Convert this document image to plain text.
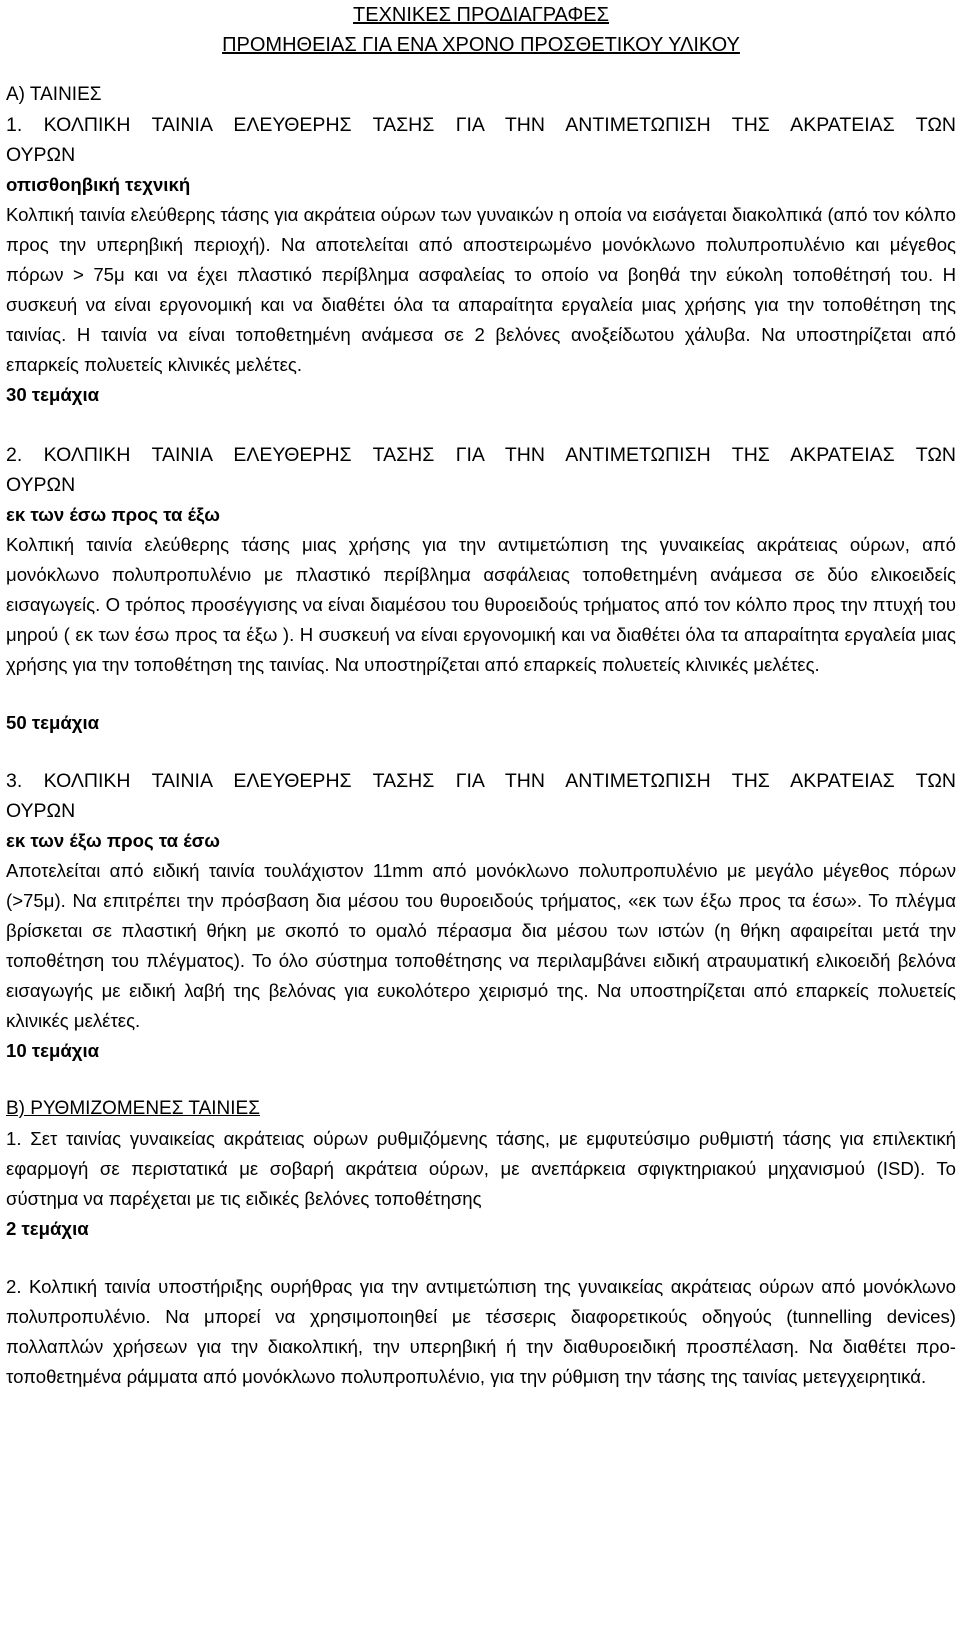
ΤΕΧΝΙΚΕΣ ΠΡΟΔΙΑΓΡΑΦΕΣ
ΠΡΟΜΗΘΕΙΑΣ ΓΙΑ ΕΝΑ ΧΡΟΝΟ ΠΡΟΣΘΕΤΙΚΟΥ ΥΛΙΚΟΥ
Α) ΤΑΙΝΙΕΣ
1. ΚΟΛΠΙΚΗ ΤΑΙΝΙΑ ΕΛΕΥΘΕΡΗΣ ΤΑΣΗΣ ΓΙΑ ΤΗΝ ΑΝΤΙΜΕΤΩΠΙΣΗ ΤΗΣ ΑΚΡΑΤΕΙΑΣ ΤΩΝ
ΟΥΡΩΝ
οπισθοηβική τεχνική

Κολπική ταινία ελεύθερης τάσης για ακράτεια ούρων των γυναικών η οποία να εισάγεται διακολπικά (από τον κόλπο προς την υπερηβική περιοχή). Να αποτελείται από αποστειρωμένο μονόκλωνο πολυπροπυλένιο και μέγεθος πόρων > 75μ και να έχει πλαστικό περίβλημα ασφαλείας το οποίο να βοηθά την εύκολη τοποθέτησή του. Η συσκευή να είναι εργονομική και να διαθέτει όλα τα απαραίτητα εργαλεία μιας χρήσης για την τοποθέτηση της ταινίας. Η ταινία να είναι τοποθετημένη ανάμεσα σε 2 βελόνες ανοξείδωτου χάλυβα. Να υποστηρίζεται από επαρκείς πολυετείς κλινικές μελέτες.

30 τεμάχια
2. ΚΟΛΠΙΚΗ ΤΑΙΝΙΑ ΕΛΕΥΘΕΡΗΣ ΤΑΣΗΣ ΓΙΑ ΤΗΝ ΑΝΤΙΜΕΤΩΠΙΣΗ ΤΗΣ ΑΚΡΑΤΕΙΑΣ ΤΩΝ
ΟΥΡΩΝ
εκ των έσω προς τα έξω

Κολπική ταινία ελεύθερης τάσης μιας χρήσης για την αντιμετώπιση της γυναικείας ακράτειας ούρων, από μονόκλωνο πολυπροπυλένιο με πλαστικό περίβλημα ασφάλειας τοποθετημένη ανάμεσα σε δύο ελικοειδείς εισαγωγείς. Ο τρόπος προσέγγισης να είναι διαμέσου του θυροειδούς τρήματος από τον κόλπο προς την πτυχή του μηρού ( εκ των έσω προς τα έξω ). Η συσκευή να είναι εργονομική και να διαθέτει όλα τα απαραίτητα εργαλεία μιας χρήσης για την τοποθέτηση της ταινίας. Να υποστηρίζεται από επαρκείς πολυετείς κλινικές μελέτες.

50 τεμάχια
3. ΚΟΛΠΙΚΗ ΤΑΙΝΙΑ ΕΛΕΥΘΕΡΗΣ ΤΑΣΗΣ ΓΙΑ ΤΗΝ ΑΝΤΙΜΕΤΩΠΙΣΗ ΤΗΣ ΑΚΡΑΤΕΙΑΣ ΤΩΝ
ΟΥΡΩΝ
εκ των έξω προς τα έσω

Αποτελείται από ειδική ταινία τουλάχιστον 11mm από μονόκλωνο πολυπροπυλένιο με μεγάλο μέγεθος πόρων (>75μ). Να επιτρέπει την πρόσβαση δια μέσου του θυροειδούς τρήματος, «εκ των έξω προς τα έσω». Το πλέγμα βρίσκεται σε πλαστική θήκη με σκοπό το ομαλό πέρασμα δια μέσου των ιστών (η θήκη αφαιρείται μετά την τοποθέτηση του πλέγματος). Το όλο σύστημα τοποθέτησης να περιλαμβάνει ειδική ατραυματική ελικοειδή βελόνα εισαγωγής με ειδική λαβή της βελόνας για ευκολότερο χειρισμό της. Να υποστηρίζεται από επαρκείς πολυετείς κλινικές μελέτες.

10 τεμάχια
Β) ΡΥΘΜΙΖΟΜΕΝΕΣ ΤΑΙΝΙΕΣ

1. Σετ ταινίας γυναικείας ακράτειας ούρων ρυθμιζόμενης τάσης, με εμφυτεύσιμο ρυθμιστή τάσης για επιλεκτική εφαρμογή σε περιστατικά με σοβαρή ακράτεια ούρων, με ανεπάρκεια σφιγκτηριακού μηχανισμού (ISD). Το σύστημα να παρέχεται με τις ειδικές βελόνες τοποθέτησης

2 τεμάχια

2. Κολπική ταινία υποστήριξης ουρήθρας για την αντιμετώπιση της γυναικείας ακράτειας ούρων από μονόκλωνο πολυπροπυλένιο. Να μπορεί να χρησιμοποιηθεί με τέσσερις διαφορετικούς οδηγούς (tunnelling devices) πολλαπλών χρήσεων για την διακολπική, την υπερηβική ή την διαθυροειδική προσπέλαση. Να διαθέτει προ-τοποθετημένα ράμματα από μονόκλωνο πολυπροπυλένιο, για την ρύθμιση την τάσης της ταινίας μετεγχειρητικά.
